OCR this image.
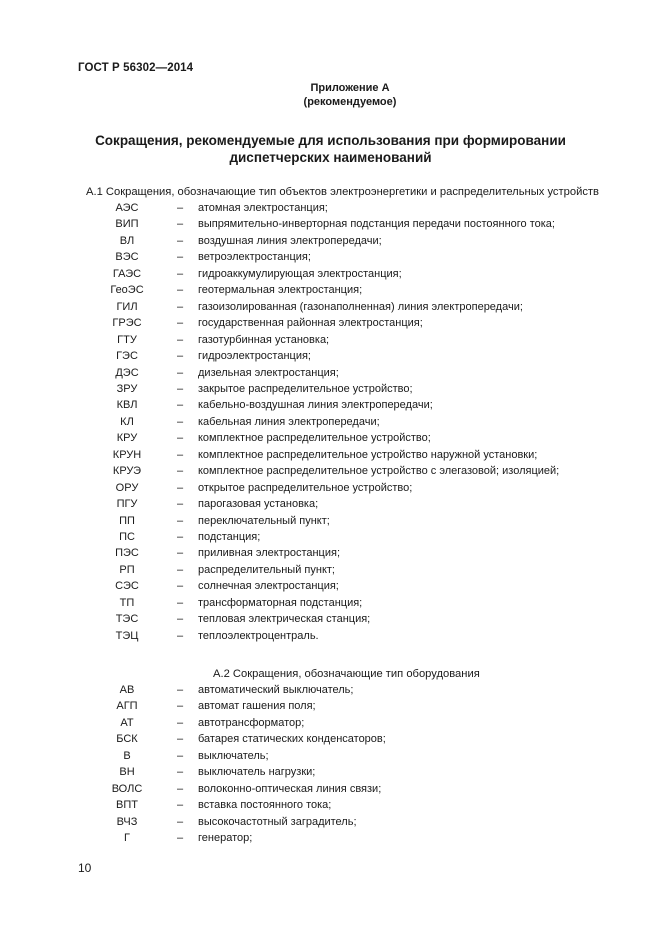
ГОСТ Р 56302—2014
Приложение А
(рекомендуемое)
Сокращения, рекомендуемые для использования при формировании
диспетчерских наименований
А.1 Сокращения, обозначающие тип объектов электроэнергетики и распределительных устройств
АЭС	– атомная электростанция;
ВИП	– выпрямительно-инверторная подстанция передачи постоянного тока;
ВЛ	– воздушная линия электропередачи;
ВЭС	– ветроэлектростанция;
ГАЭС	– гидроаккумулирующая электростанция;
ГеоЭС	– геотермальная электростанция;
ГИЛ	– газоизолированная (газонаполненная) линия электропередачи;
ГРЭС	– государственная районная электростанция;
ГТУ	– газотурбинная установка;
ГЭС	– гидроэлектростанция;
ДЭС	– дизельная электростанция;
ЗРУ	– закрытое распределительное устройство;
КВЛ	– кабельно-воздушная линия электропередачи;
КЛ	– кабельная линия электропередачи;
КРУ	– комплектное распределительное устройство;
КРУН	– комплектное распределительное устройство наружной установки;
КРУЭ	– комплектное распределительное устройство с элегазовой; изоляцией;
ОРУ	– открытое распределительное устройство;
ПГУ	– парогазовая установка;
ПП	– переключательный пункт;
ПС	– подстанция;
ПЭС	– приливная электростанция;
РП	– распределительный пункт;
СЭС	– солнечная электростанция;
ТП	– трансформаторная подстанция;
ТЭС	– тепловая электрическая станция;
ТЭЦ	– теплоэлектроцентраль.
А.2 Сокращения, обозначающие тип оборудования
АВ	– автоматический выключатель;
АГП	– автомат гашения поля;
АТ	– автотрансформатор;
БСК	– батарея статических конденсаторов;
В	– выключатель;
ВН	– выключатель нагрузки;
ВОЛС	– волоконно-оптическая линия связи;
ВПТ	– вставка постоянного тока;
ВЧЗ	– высокочастотный заградитель;
Г	– генератор;
10
